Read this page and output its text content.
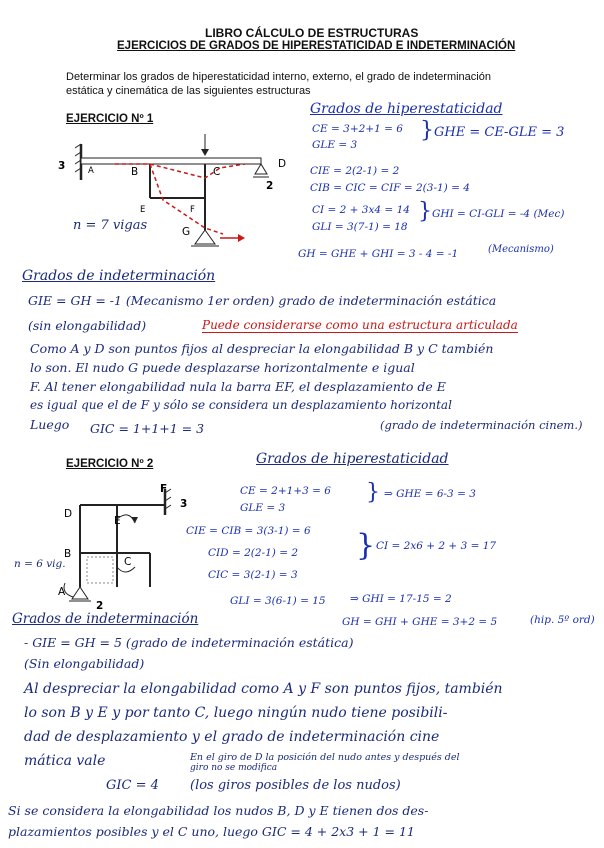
LIBRO CÁLCULO DE ESTRUCTURAS
EJERCICIOS DE GRADOS DE HIPERESTATICIDAD E INDETERMINACIÓN
Determinar los grados de hiperestaticidad interno, externo, el grado de indeterminación
estática y cinemática de las siguientes estructuras
EJERCICIO Nº 1
3	A	B	C
D
2
E	F
G
n = 7 vigas
Grados de hiperestaticidad
CE = 3+2+1 = 6
GLE = 3
} GHE = CE-GLE = 3
CIE = 2(2-1) = 2
CIB = CIC = CIF = 2(3-1) = 4
CI = 2 + 3x4 = 14
GLI = 3(7-1) = 18
} GHI = CI-GLI = -4 (Mec)
GH = GHE + GHI = 3 - 4 = -1	(Mecanismo)
Grados de indeterminación
GIE = GH = -1 (Mecanismo 1er orden) grado de indeterminación estática
(sin elongabilidad)	Puede considerarse como una estructura articulada
Como A y D son puntos fijos al despreciar la elongabilidad B y C también
lo son. El nudo G puede desplazarse horizontalmente e igual
F. Al tener elongabilidad nula la barra EF, el desplazamiento de E
es igual que el de F y sólo se considera un desplazamiento horizontal
Luego GIC = 1+1+1 = 3	(grado de indeterminación cinem.)
EJERCICIO Nº 2
F
3
D
E
B
C
A
2
n = 6 vig.
Grados de hiperestaticidad
CE = 2+1+3 = 6
GLE = 3
} ⇒ GHE = 6-3 = 3
CIE = CIB = 3(3-1) = 6
CID = 2(2-1) = 2
CIC = 3(2-1) = 3
} CI = 2x6 + 2 + 3 = 17
GLI = 3(6-1) = 15 ⇒ GHI = 17-15 = 2
GH = GHI + GHE = 3+2 = 5	(hip. 5º ord)
Grados de indeterminación
- GIE = GH = 5 (grado de indeterminación estática)
(Sin elongabilidad)
Al despreciar la elongabilidad como A y F son puntos fijos, también
lo son B y E y por tanto C, luego ningún nudo tiene posibili-
dad de desplazamiento y el grado de indeterminación cine
mática vale	En el giro de D la posición del nudo antes y después del
giro no se modifica
GIC = 4 (los giros posibles de los nudos)
Si se considera la elongabilidad los nudos B, D y E tienen dos des-
plazamientos posibles y el C uno, luego GIC = 4 + 2x3 + 1 = 11
